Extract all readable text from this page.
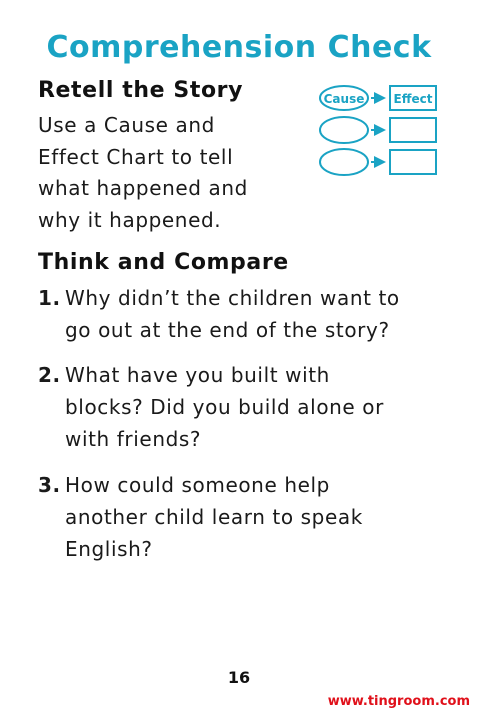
Comprehension Check
Retell the Story
Use a Cause and
Effect Chart to tell
what happened and
why it happened.
Cause Effect
Think and Compare
1. Why didn’t the children want to
go out at the end of the story?
2. What have you built with
blocks? Did you build alone or
with friends?
3. How could someone help
another child learn to speak
English?
16
www.tingroom.com
